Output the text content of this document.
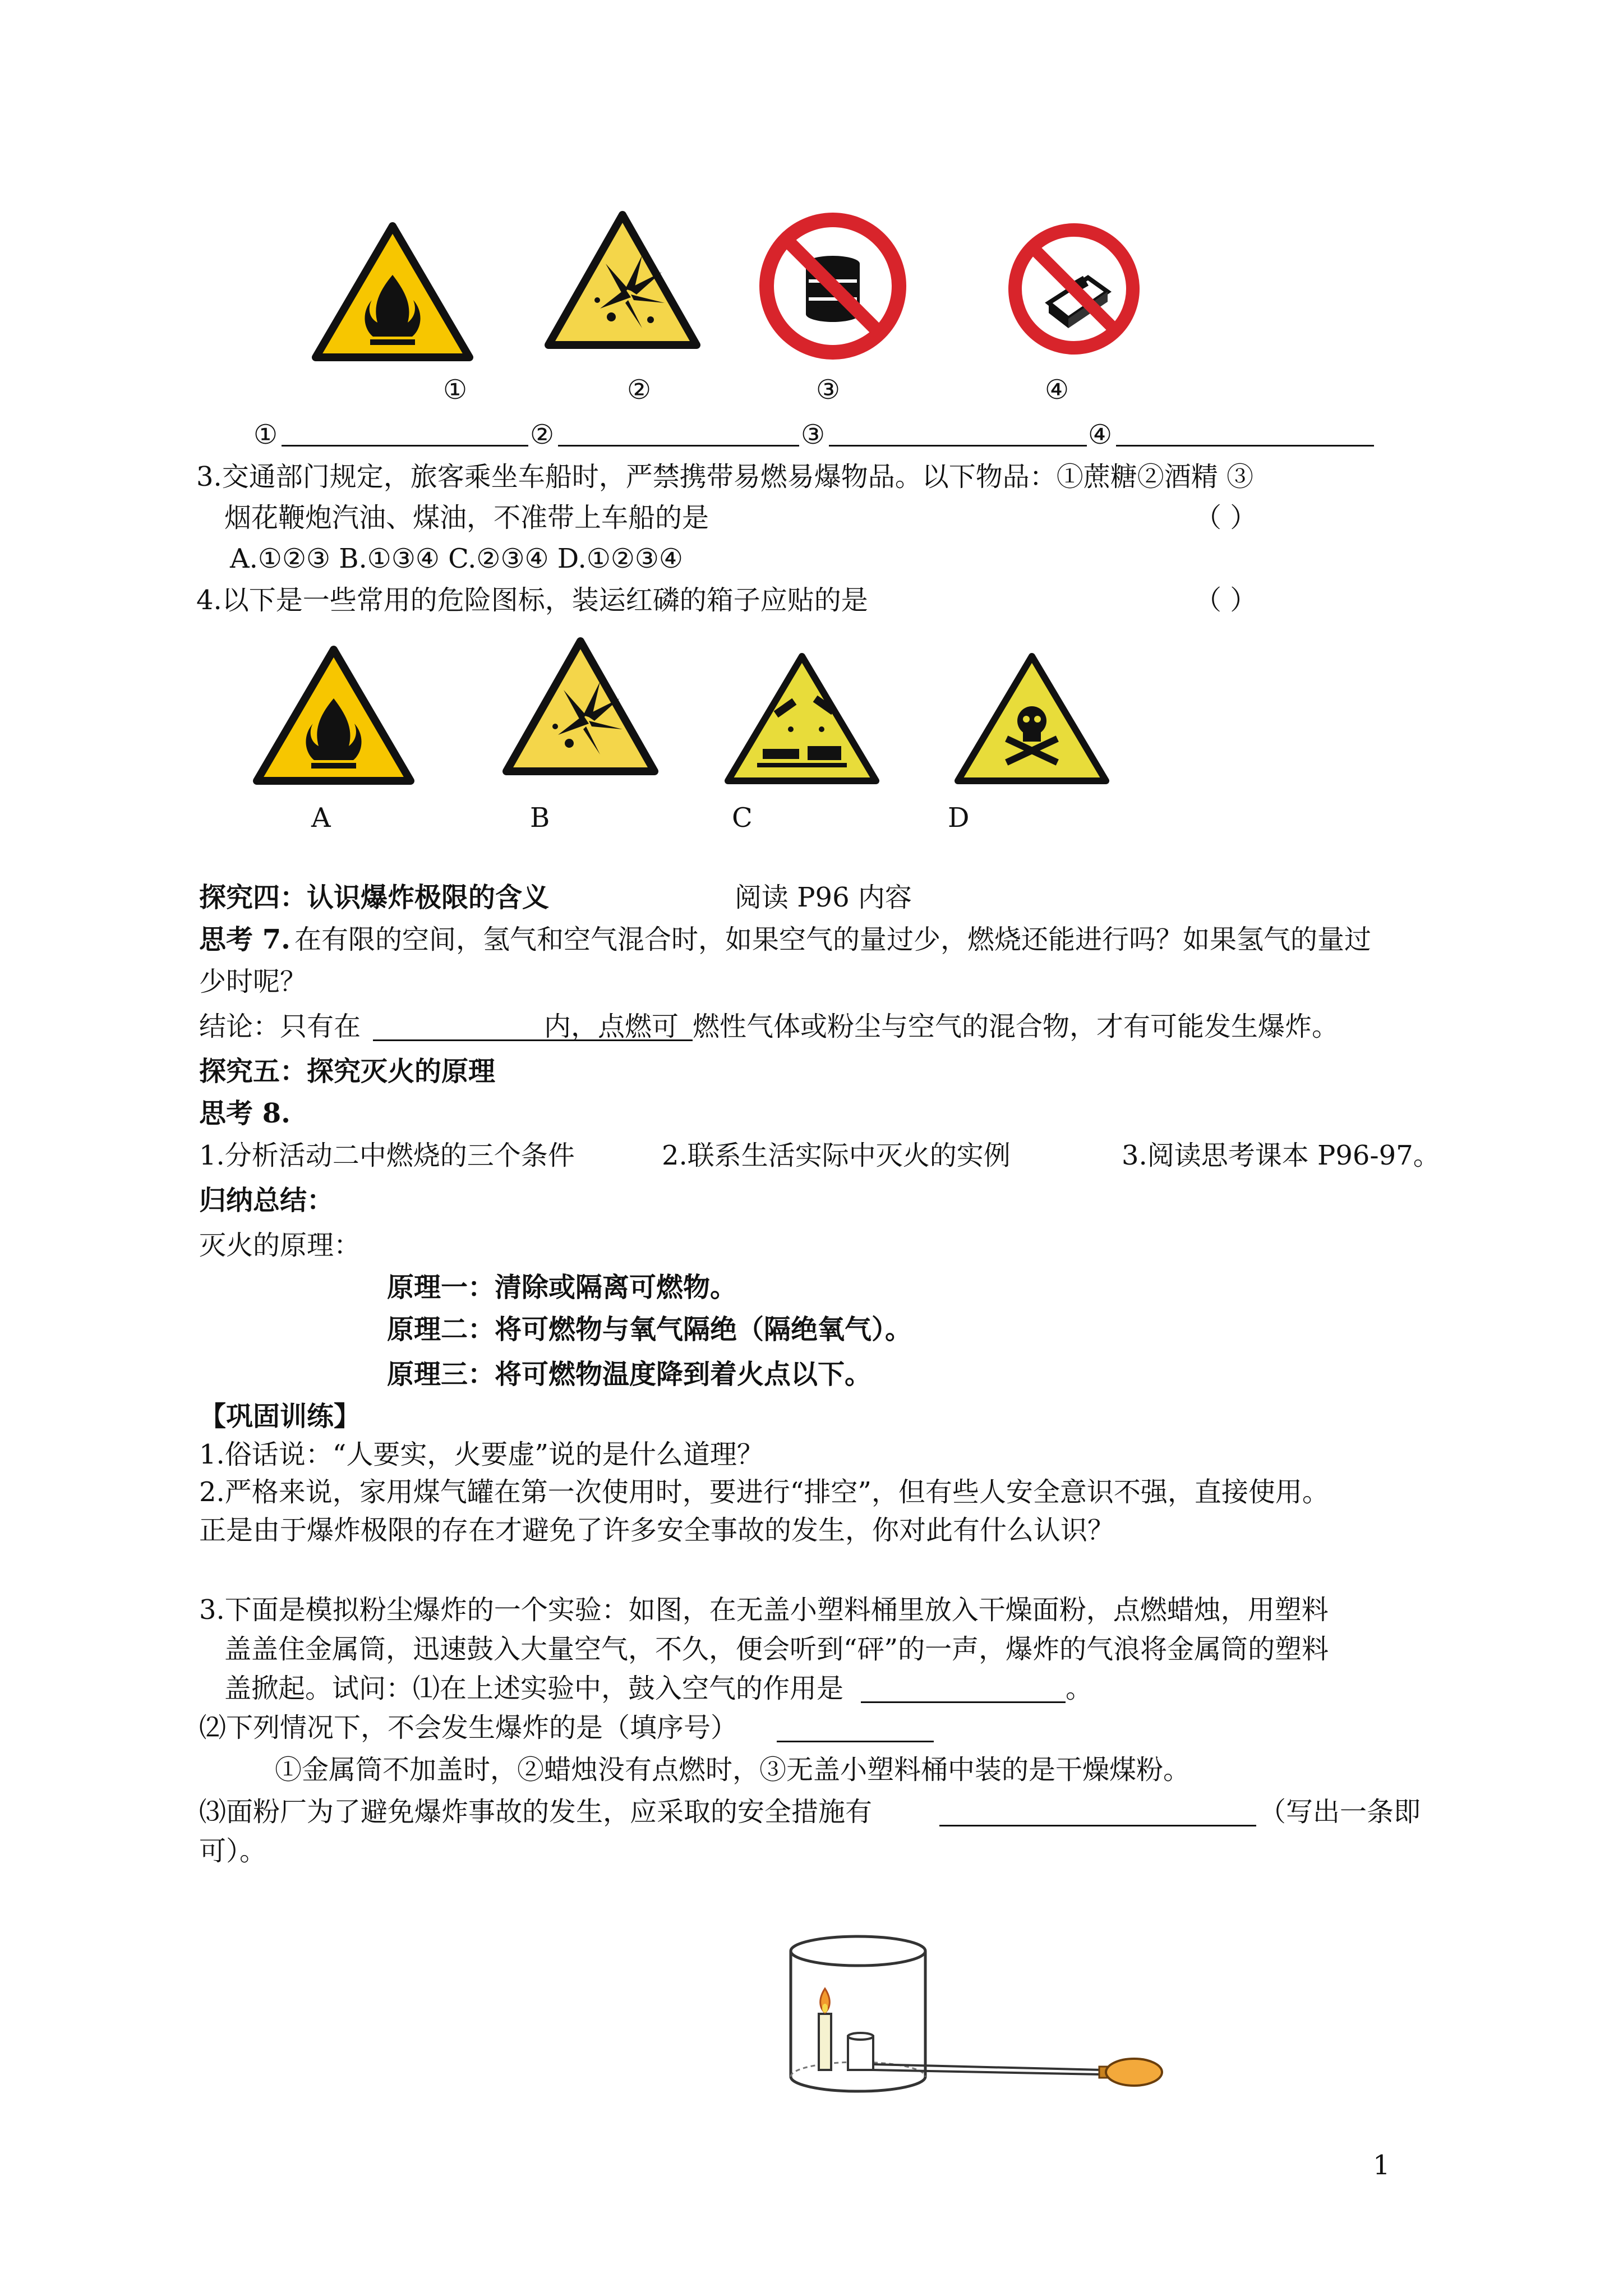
①	②	③	④
①	②	③	④
3.交通部门规定，旅客乘坐车船时，严禁携带易燃易爆物品。以下物品：①蔗糖②酒精 ③
烟花鞭炮汽油、煤油，不准带上车船的是	（ ）
A.①②③ B.①③④ C.②③④ D.①②③④
4.以下是一些常用的危险图标，装运红磷的箱子应贴的是	（ ）
A	B	C	D
探究四：认识爆炸极限的含义	阅读 P96 内容
思考 7. 在有限的空间，氢气和空气混合时，如果空气的量过少，燃烧还能进行吗？如果氢气的量过
少时呢？
结论：只有在	内，点燃可 燃性气体或粉尘与空气的混合物，才有可能发生爆炸。
探究五：探究灭火的原理
思考 8.
1.分析活动二中燃烧的三个条件	2.联系生活实际中灭火的实例	3.阅读思考课本 P96-97。
归纳总结：
灭火的原理：
原理一：清除或隔离可燃物。
原理二：将可燃物与氧气隔绝（隔绝氧气）。
原理三：将可燃物温度降到着火点以下。
【巩固训练】
1.俗话说：“人要实，火要虚”说的是什么道理？
2.严格来说，家用煤气罐在第一次使用时，要进行“排空”，但有些人安全意识不强，直接使用。
正是由于爆炸极限的存在才避免了许多安全事故的发生，你对此有什么认识？
3.下面是模拟粉尘爆炸的一个实验：如图，在无盖小塑料桶里放入干燥面粉，点燃蜡烛，用塑料
盖盖住金属筒，迅速鼓入大量空气，不久，便会听到“砰”的一声，爆炸的气浪将金属筒的塑料
盖掀起。试问：⑴在上述实验中，鼓入空气的作用是	。
⑵下列情况下，不会发生爆炸的是（填序号）
①金属筒不加盖时，②蜡烛没有点燃时，③无盖小塑料桶中装的是干燥煤粉。
⑶面粉厂为了避免爆炸事故的发生，应采取的安全措施有	（写出一条即
可）。
1
